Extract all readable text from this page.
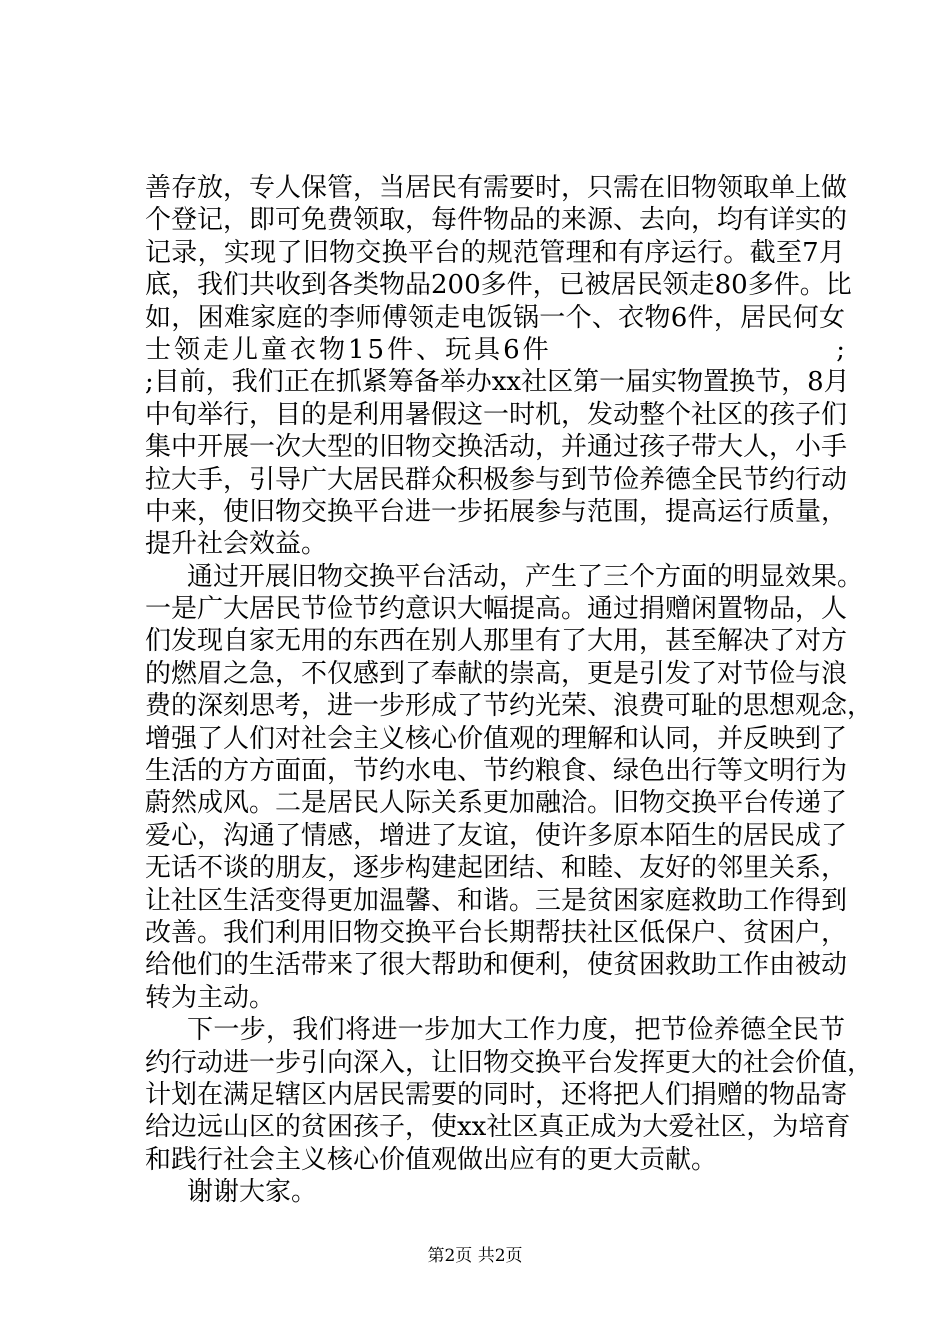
善存放，专人保管，当居民有需要时，只需在旧物领取单上做
个登记，即可免费领取，每件物品的来源、去向，均有详实的
记录，实现了旧物交换平台的规范管理和有序运行。截至7月
底，我们共收到各类物品200多件，已被居民领走80多件。比
如，困难家庭的李师傅领走电饭锅一个、衣物6件，居民何女
士领走儿童衣物15件、玩具6件	;
;目前，我们正在抓紧筹备举办xx社区第一届实物置换节，8月
中旬举行，目的是利用暑假这一时机，发动整个社区的孩子们
集中开展一次大型的旧物交换活动，并通过孩子带大人，小手
拉大手，引导广大居民群众积极参与到节俭养德全民节约行动
中来，使旧物交换平台进一步拓展参与范围，提高运行质量，
提升社会效益。
通过开展旧物交换平台活动，产生了三个方面的明显效果。
一是广大居民节俭节约意识大幅提高。通过捐赠闲置物品，人
们发现自家无用的东西在别人那里有了大用，甚至解决了对方
的燃眉之急，不仅感到了奉献的崇高，更是引发了对节俭与浪
费的深刻思考，进一步形成了节约光荣、浪费可耻的思想观念，
增强了人们对社会主义核心价值观的理解和认同，并反映到了
生活的方方面面，节约水电、节约粮食、绿色出行等文明行为
蔚然成风。二是居民人际关系更加融洽。旧物交换平台传递了
爱心，沟通了情感，增进了友谊，使许多原本陌生的居民成了
无话不谈的朋友，逐步构建起团结、和睦、友好的邻里关系，
让社区生活变得更加温馨、和谐。三是贫困家庭救助工作得到
改善。我们利用旧物交换平台长期帮扶社区低保户、贫困户，
给他们的生活带来了很大帮助和便利，使贫困救助工作由被动
转为主动。
下一步，我们将进一步加大工作力度，把节俭养德全民节
约行动进一步引向深入，让旧物交换平台发挥更大的社会价值，
计划在满足辖区内居民需要的同时，还将把人们捐赠的物品寄
给边远山区的贫困孩子，使xx社区真正成为大爱社区，为培育
和践行社会主义核心价值观做出应有的更大贡献。
谢谢大家。
第2页 共2页
